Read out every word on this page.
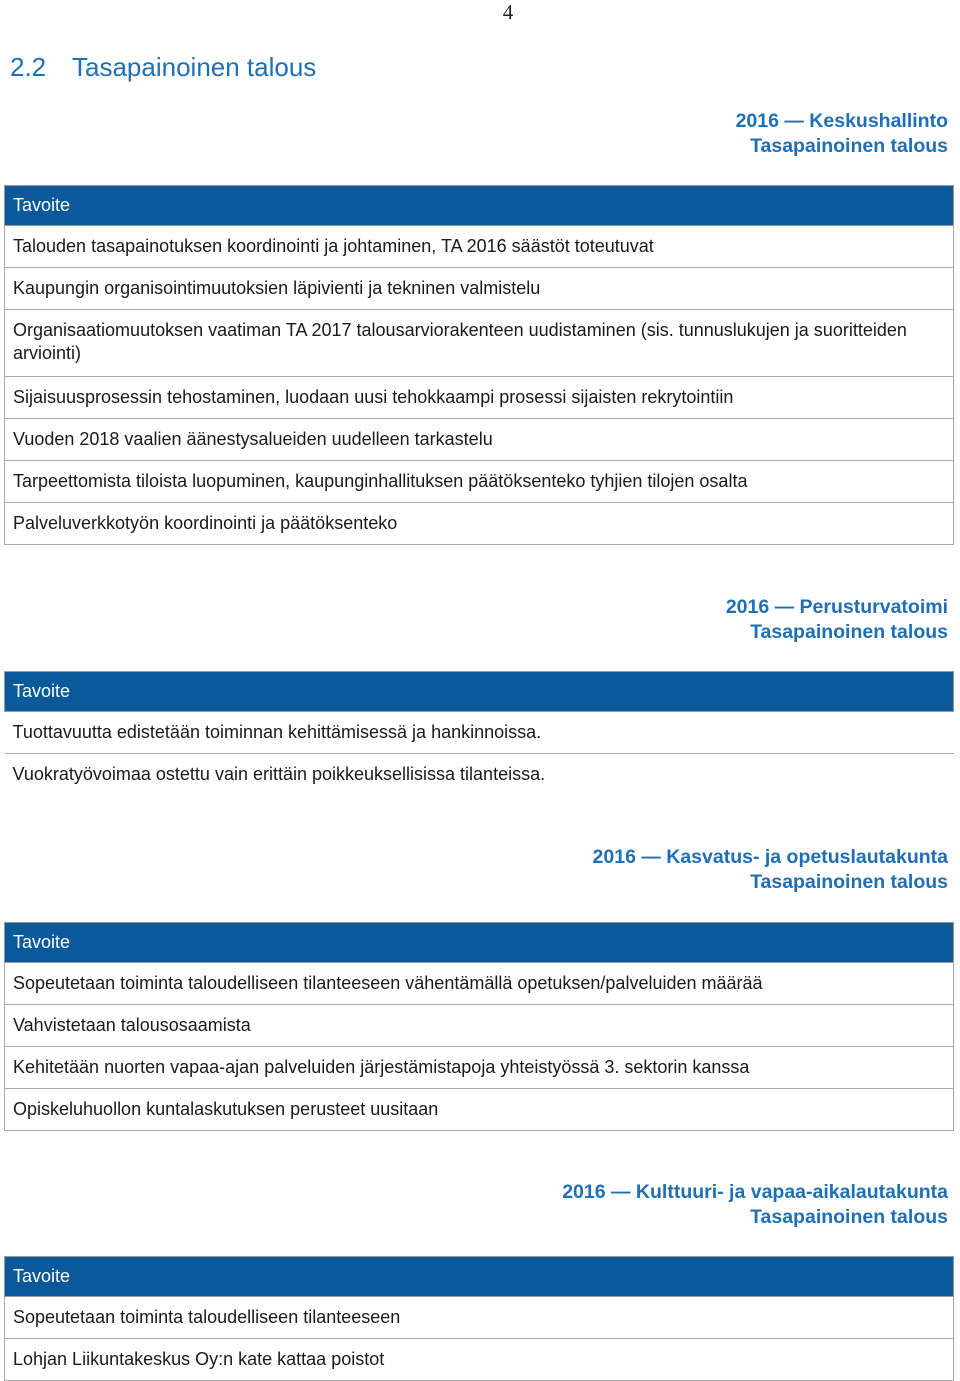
4
2.2 Tasapainoinen talous
2016 — Keskushallinto
Tasapainoinen talous
Tavoite
Talouden tasapainotuksen koordinointi ja johtaminen, TA 2016 säästöt toteutuvat
Kaupungin organisointimuutoksien läpivienti ja tekninen valmistelu
Organisaatiomuutoksen vaatiman TA 2017 talousarviorakenteen uudistaminen (sis. tunnuslukujen ja suoritteiden arviointi)
Sijaisuusprosessin tehostaminen, luodaan uusi tehokkaampi prosessi sijaisten rekrytointiin
Vuoden 2018 vaalien äänestysalueiden uudelleen tarkastelu
Tarpeettomista tiloista luopuminen, kaupunginhallituksen päätöksenteko tyhjien tilojen osalta
Palveluverkkotyön koordinointi ja päätöksenteko
2016 — Perusturvatoimi
Tasapainoinen talous
Tavoite
Tuottavuutta edistetään toiminnan kehittämisessä ja hankinnoissa.
Vuokratyövoimaa ostettu vain erittäin poikkeuksellisissa tilanteissa.
2016 — Kasvatus- ja opetuslautakunta
Tasapainoinen talous
Tavoite
Sopeutetaan toiminta taloudelliseen tilanteeseen vähentämällä opetuksen/palveluiden määrää
Vahvistetaan talousosaamista
Kehitetään nuorten vapaa-ajan palveluiden järjestämistapoja yhteistyössä 3. sektorin kanssa
Opiskeluhuollon kuntalaskutuksen perusteet uusitaan
2016 — Kulttuuri- ja vapaa-aikalautakunta
Tasapainoinen talous
Tavoite
Sopeutetaan toiminta taloudelliseen tilanteeseen
Lohjan Liikuntakeskus Oy:n kate kattaa poistot
